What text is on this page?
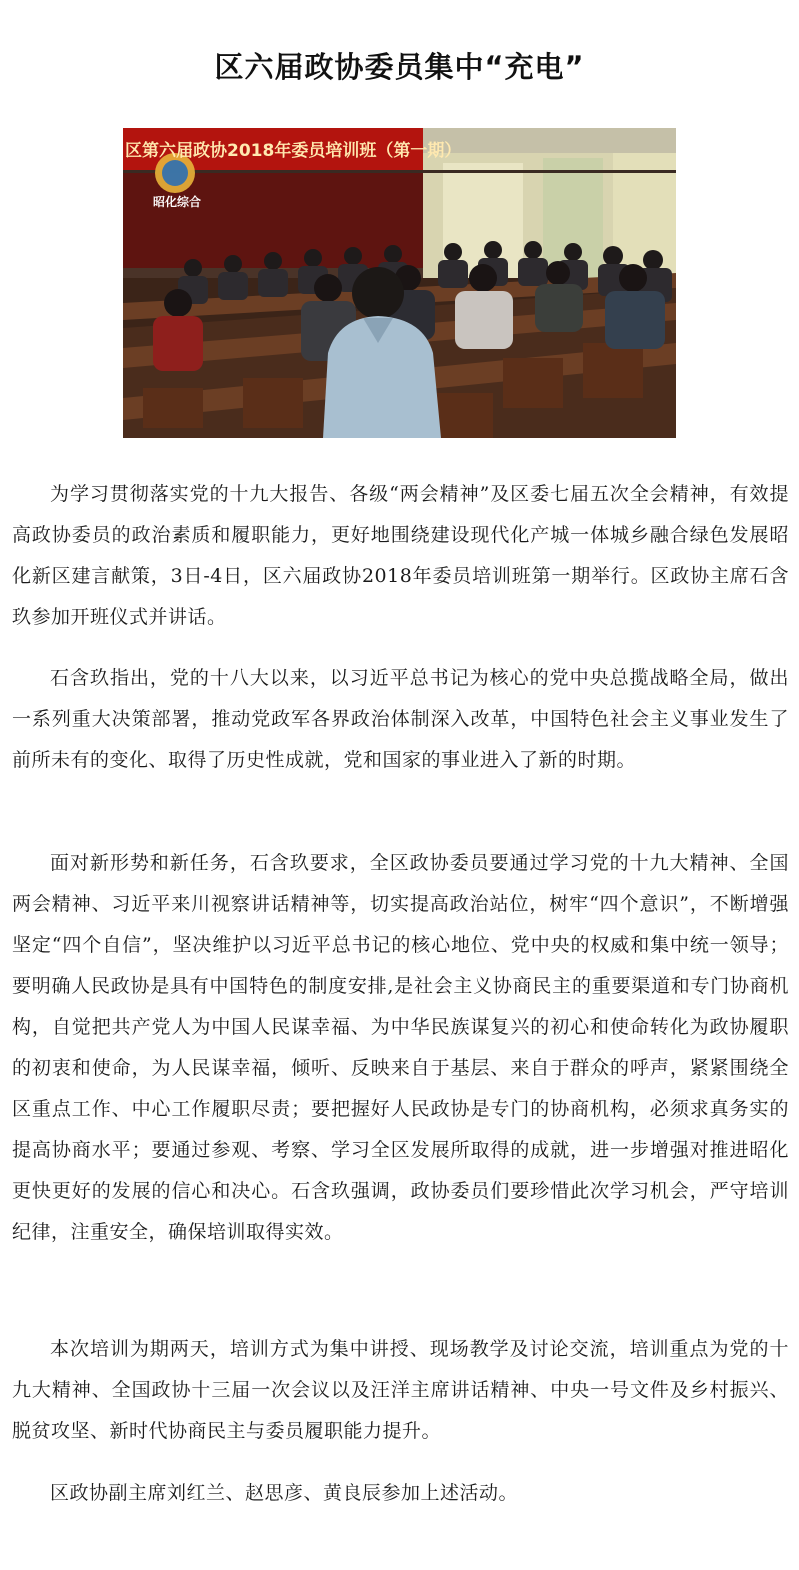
区六届政协委员集中“充电”
昭化综合
区第六届政协2018年委员培训班（第一期）

为学习贯彻落实党的十九大报告、各级“两会精神”及区委七届五次全会精神，有效提高政协委员的政治素质和履职能力，更好地围绕建设现代化产城一体城乡融合绿色发展昭化新区建言献策，3日-4日，区六届政协2018年委员培训班第一期举行。区政协主席石含玖参加开班仪式并讲话。

石含玖指出，党的十八大以来，以习近平总书记为核心的党中央总揽战略全局，做出一系列重大决策部署，推动党政军各界政治体制深入改革，中国特色社会主义事业发生了前所未有的变化、取得了历史性成就，党和国家的事业进入了新的时期。

面对新形势和新任务，石含玖要求，全区政协委员要通过学习党的十九大精神、全国两会精神、习近平来川视察讲话精神等，切实提高政治站位，树牢“四个意识”，不断增强坚定“四个自信”，坚决维护以习近平总书记的核心地位、党中央的权威和集中统一领导；要明确人民政协是具有中国特色的制度安排,是社会主义协商民主的重要渠道和专门协商机构，自觉把共产党人为中国人民谋幸福、为中华民族谋复兴的初心和使命转化为政协履职的初衷和使命，为人民谋幸福，倾听、反映来自于基层、来自于群众的呼声，紧紧围绕全区重点工作、中心工作履职尽责；要把握好人民政协是专门的协商机构，必须求真务实的提高协商水平；要通过参观、考察、学习全区发展所取得的成就，进一步增强对推进昭化更快更好的发展的信心和决心。石含玖强调，政协委员们要珍惜此次学习机会，严守培训纪律，注重安全，确保培训取得实效。

本次培训为期两天，培训方式为集中讲授、现场教学及讨论交流，培训重点为党的十九大精神、全国政协十三届一次会议以及汪洋主席讲话精神、中央一号文件及乡村振兴、脱贫攻坚、新时代协商民主与委员履职能力提升。

区政协副主席刘红兰、赵思彦、黄良辰参加上述活动。
